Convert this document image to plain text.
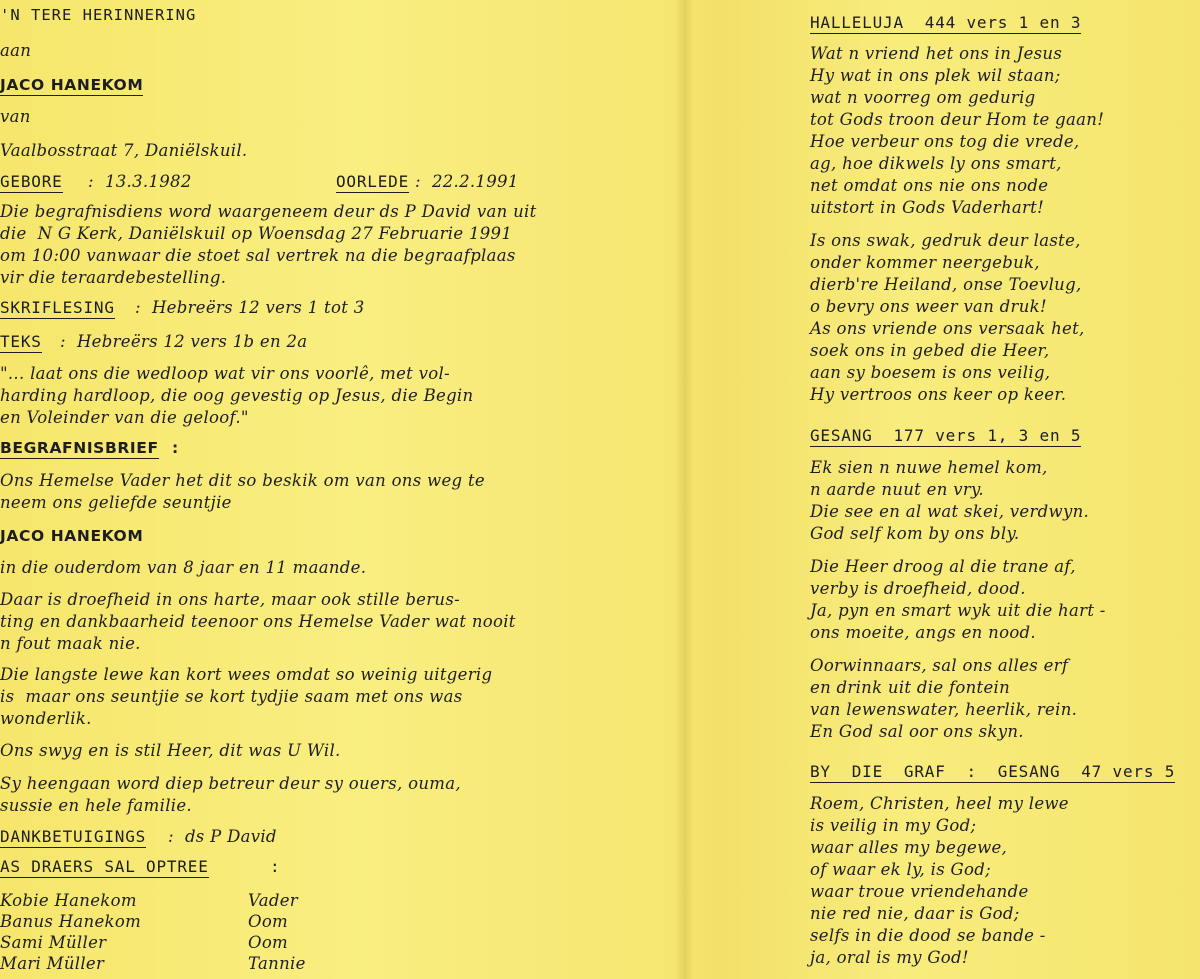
'N TERE HERINNERING
aan
JACO HANEKOM
van
Vaalbosstraat 7, Daniëlskuil.
GEBORE :  13.3.1982	OORLEDE :  22.2.1991
Die begrafnisdiens word waargeneem deur ds P David van uit
die  N G Kerk, Daniëlskuil op Woensdag 27 Februarie 1991
om 10:00 vanwaar die stoet sal vertrek na die begraafplaas
vir die teraardebestelling.
SKRIFLESING :  Hebreërs 12 vers 1 tot 3
TEKS :  Hebreërs 12 vers 1b en 2a
"... laat ons die wedloop wat vir ons voorlê, met vol-
harding hardloop, die oog gevestig op Jesus, die Begin
en Voleinder van die geloof."
BEGRAFNISBRIEF :
Ons Hemelse Vader het dit so beskik om van ons weg te
neem ons geliefde seuntjie
JACO HANEKOM
in die ouderdom van 8 jaar en 11 maande.
Daar is droefheid in ons harte, maar ook stille berus-
ting en dankbaarheid teenoor ons Hemelse Vader wat nooit
n fout maak nie.
Die langste lewe kan kort wees omdat so weinig uitgerig
is  maar ons seuntjie se kort tydjie saam met ons was
wonderlik.
Ons swyg en is stil Heer, dit was U Wil.
Sy heengaan word diep betreur deur sy ouers, ouma,
sussie en hele familie.
DANKBETUIGINGS :  ds P David
AS DRAERS SAL OPTREE	:
Kobie Hanekom	Vader
Banus Hanekom	Oom
Sami Müller	Oom
Mari Müller	Tannie
HALLELUJA  444 vers 1 en 3
Wat n vriend het ons in Jesus
Hy wat in ons plek wil staan;
wat n voorreg om gedurig
tot Gods troon deur Hom te gaan!
Hoe verbeur ons tog die vrede,
ag, hoe dikwels ly ons smart,
net omdat ons nie ons node
uitstort in Gods Vaderhart!
Is ons swak, gedruk deur laste,
onder kommer neergebuk,
dierb're Heiland, onse Toevlug,
o bevry ons weer van druk!
As ons vriende ons versaak het,
soek ons in gebed die Heer,
aan sy boesem is ons veilig,
Hy vertroos ons keer op keer.
GESANG  177 vers 1, 3 en 5
Ek sien n nuwe hemel kom,
n aarde nuut en vry.
Die see en al wat skei, verdwyn.
God self kom by ons bly.
Die Heer droog al die trane af,
verby is droefheid, dood.
Ja, pyn en smart wyk uit die hart -
ons moeite, angs en nood.
Oorwinnaars, sal ons alles erf
en drink uit die fontein
van lewenswater, heerlik, rein.
En God sal oor ons skyn.
BY  DIE  GRAF  :  GESANG  47 vers 5
Roem, Christen, heel my lewe
is veilig in my God;
waar alles my begewe,
of waar ek ly, is God;
waar troue vriendehande
nie red nie, daar is God;
selfs in die dood se bande -
ja, oral is my God!
